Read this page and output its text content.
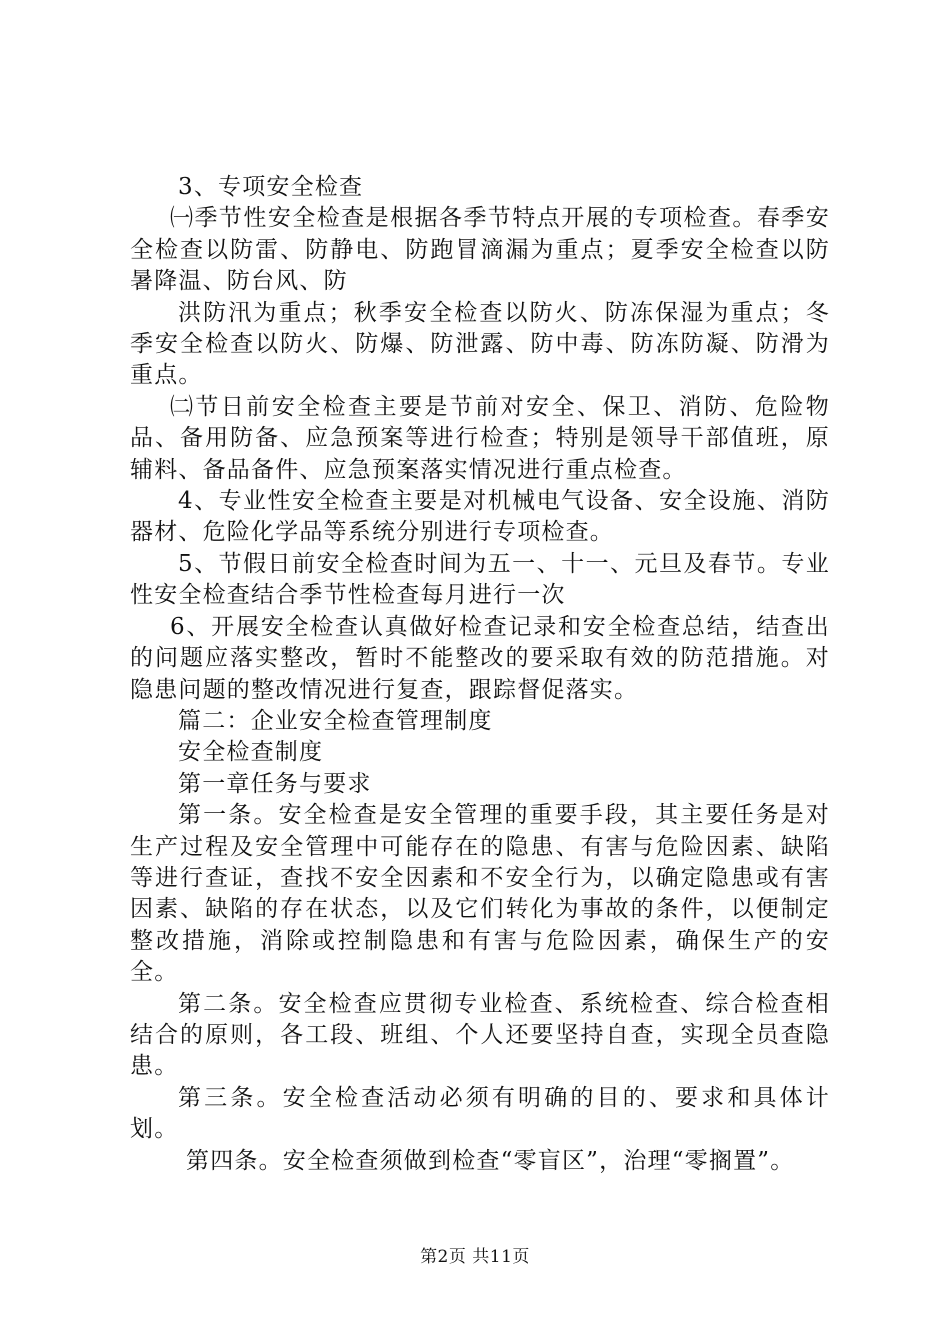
3、专项安全检查

㈠季节性安全检查是根据各季节特点开展的专项检查。春季安全检查以防雷、防静电、防跑冒滴漏为重点；夏季安全检查以防暑降温、防台风、防

洪防汛为重点；秋季安全检查以防火、防冻保湿为重点；冬季安全检查以防火、防爆、防泄露、防中毒、防冻防凝、防滑为重点。

㈡节日前安全检查主要是节前对安全、保卫、消防、危险物品、备用防备、应急预案等进行检查；特别是领导干部值班，原辅料、备品备件、应急预案落实情况进行重点检查。

4、专业性安全检查主要是对机械电气设备、安全设施、消防器材、危险化学品等系统分别进行专项检查。

5、节假日前安全检查时间为五一、十一、元旦及春节。专业性安全检查结合季节性检查每月进行一次

6、开展安全检查认真做好检查记录和安全检查总结，结查出的问题应落实整改，暂时不能整改的要采取有效的防范措施。对隐患问题的整改情况进行复查，跟踪督促落实。

篇二：企业安全检查管理制度

安全检查制度

第一章任务与要求

第一条。安全检查是安全管理的重要手段，其主要任务是对生产过程及安全管理中可能存在的隐患、有害与危险因素、缺陷等进行查证，查找不安全因素和不安全行为，以确定隐患或有害因素、缺陷的存在状态，以及它们转化为事故的条件，以便制定整改措施，消除或控制隐患和有害与危险因素，确保生产的安全。

第二条。安全检查应贯彻专业检查、系统检查、综合检查相结合的原则，各工段、班组、个人还要坚持自查，实现全员查隐患。

第三条。安全检查活动必须有明确的目的、要求和具体计划。

第四条。安全检查须做到检查“零盲区”，治理“零搁置”。

第2页 共11页
